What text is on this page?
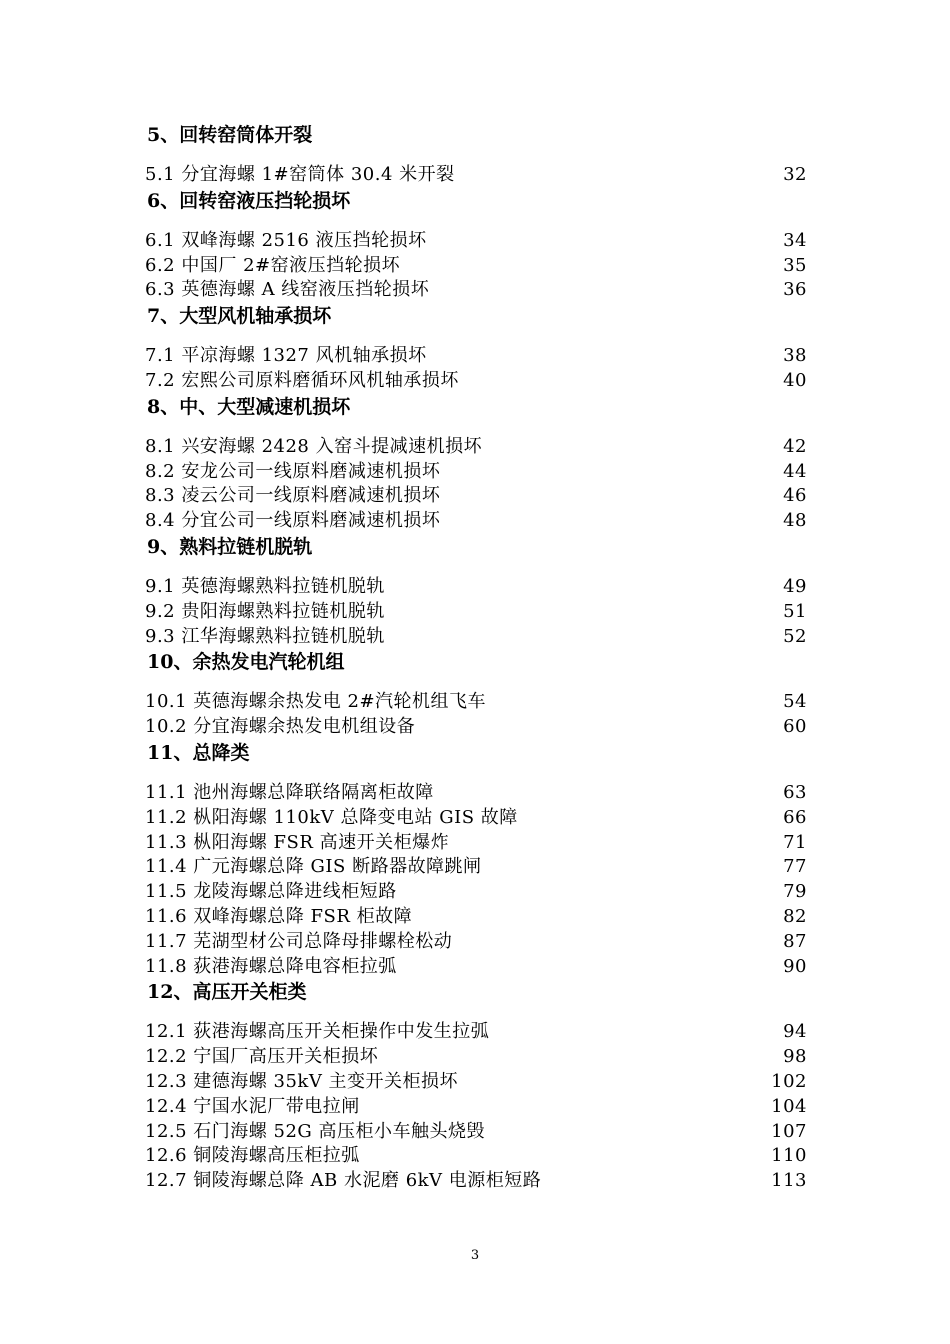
5、回转窑筒体开裂
5.1 分宜海螺 1#窑筒体 30.4 米开裂	32
6、回转窑液压挡轮损坏
6.1 双峰海螺 2516 液压挡轮损坏	34
6.2 中国厂 2#窑液压挡轮损坏	35
6.3 英德海螺 A 线窑液压挡轮损坏	36
7、大型风机轴承损坏
7.1 平凉海螺 1327 风机轴承损坏	38
7.2 宏熙公司原料磨循环风机轴承损坏	40
8、中、大型减速机损坏
8.1 兴安海螺 2428 入窑斗提减速机损坏	42
8.2 安龙公司一线原料磨减速机损坏	44
8.3 凌云公司一线原料磨减速机损坏	46
8.4 分宜公司一线原料磨减速机损坏	48
9、熟料拉链机脱轨
9.1 英德海螺熟料拉链机脱轨	49
9.2 贵阳海螺熟料拉链机脱轨	51
9.3 江华海螺熟料拉链机脱轨	52
10、余热发电汽轮机组
10.1 英德海螺余热发电 2#汽轮机组飞车	54
10.2 分宜海螺余热发电机组设备	60
11、总降类
11.1 池州海螺总降联络隔离柜故障	63
11.2 枞阳海螺 110kV 总降变电站 GIS 故障	66
11.3 枞阳海螺 FSR 高速开关柜爆炸	71
11.4 广元海螺总降 GIS 断路器故障跳闸	77
11.5 龙陵海螺总降进线柜短路	79
11.6 双峰海螺总降 FSR 柜故障	82
11.7 芜湖型材公司总降母排螺栓松动	87
11.8 荻港海螺总降电容柜拉弧	90
12、高压开关柜类
12.1 荻港海螺高压开关柜操作中发生拉弧	94
12.2 宁国厂高压开关柜损坏	98
12.3 建德海螺 35kV 主变开关柜损坏	102
12.4 宁国水泥厂带电拉闸	104
12.5 石门海螺 52G 高压柜小车触头烧毁	107
12.6 铜陵海螺高压柜拉弧	110
12.7 铜陵海螺总降 AB 水泥磨 6kV 电源柜短路	113
3
